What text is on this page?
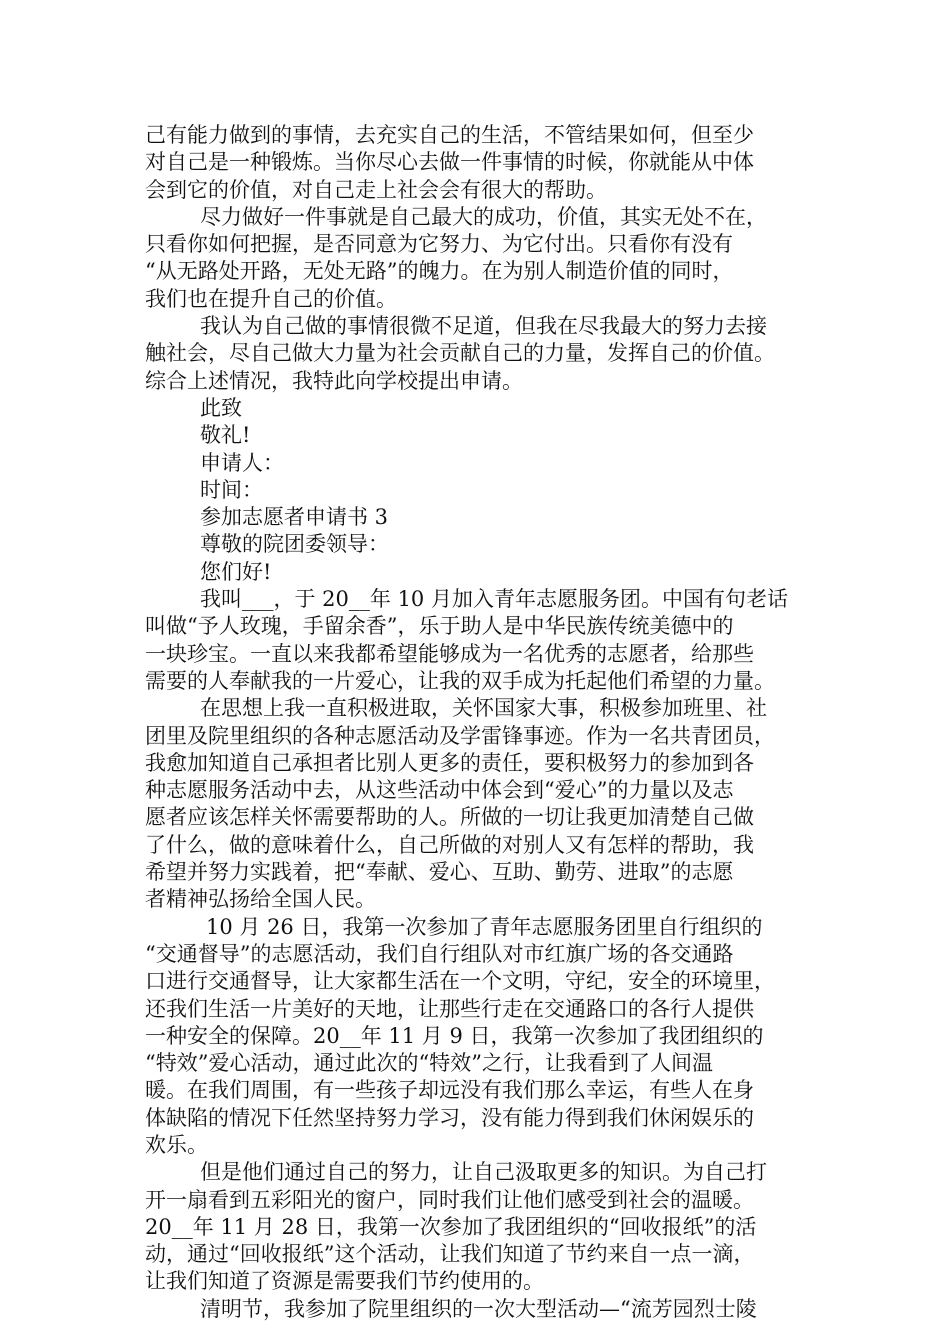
己有能力做到的事情，去充实自己的生活，不管结果如何，但至少
对自己是一种锻炼。当你尽心去做一件事情的时候，你就能从中体
会到它的价值，对自己走上社会会有很大的帮助。
尽力做好一件事就是自己最大的成功，价值，其实无处不在，
只看你如何把握，是否同意为它努力、为它付出。只看你有没有
“从无路处开路，无处无路”的魄力。在为别人制造价值的同时，
我们也在提升自己的价值。
我认为自己做的事情很微不足道，但我在尽我最大的努力去接
触社会，尽自己做大力量为社会贡献自己的力量，发挥自己的价值。
综合上述情况，我特此向学校提出申请。
此致
敬礼!
申请人：
时间：
参加志愿者申请书 3
尊敬的院团委领导：
您们好!
我叫___，于 20__年 10 月加入青年志愿服务团。中国有句老话
叫做“予人玫瑰，手留余香”，乐于助人是中华民族传统美德中的
一块珍宝。一直以来我都希望能够成为一名优秀的志愿者，给那些
需要的人奉献我的一片爱心，让我的双手成为托起他们希望的力量。
在思想上我一直积极进取，关怀国家大事，积极参加班里、社
团里及院里组织的各种志愿活动及学雷锋事迹。作为一名共青团员，
我愈加知道自己承担者比别人更多的责任，要积极努力的参加到各
种志愿服务活动中去，从这些活动中体会到“爱心”的力量以及志
愿者应该怎样关怀需要帮助的人。所做的一切让我更加清楚自己做
了什么，做的意味着什么，自己所做的对别人又有怎样的帮助，我
希望并努力实践着，把“奉献、爱心、互助、勤劳、进取”的志愿
者精神弘扬给全国人民。
10 月 26 日，我第一次参加了青年志愿服务团里自行组织的
“交通督导”的志愿活动，我们自行组队对市红旗广场的各交通路
口进行交通督导，让大家都生活在一个文明，守纪，安全的环境里，
还我们生活一片美好的天地，让那些行走在交通路口的各行人提供
一种安全的保障。20__年 11 月 9 日，我第一次参加了我团组织的
“特效”爱心活动，通过此次的“特效”之行，让我看到了人间温
暖。在我们周围，有一些孩子却远没有我们那么幸运，有些人在身
体缺陷的情况下任然坚持努力学习，没有能力得到我们休闲娱乐的
欢乐。
但是他们通过自己的努力，让自己汲取更多的知识。为自己打
开一扇看到五彩阳光的窗户，同时我们让他们感受到社会的温暖。
20__年 11 月 28 日，我第一次参加了我团组织的“回收报纸”的活
动，通过“回收报纸”这个活动，让我们知道了节约来自一点一滴，
让我们知道了资源是需要我们节约使用的。
清明节，我参加了院里组织的一次大型活动—“流芳园烈士陵
